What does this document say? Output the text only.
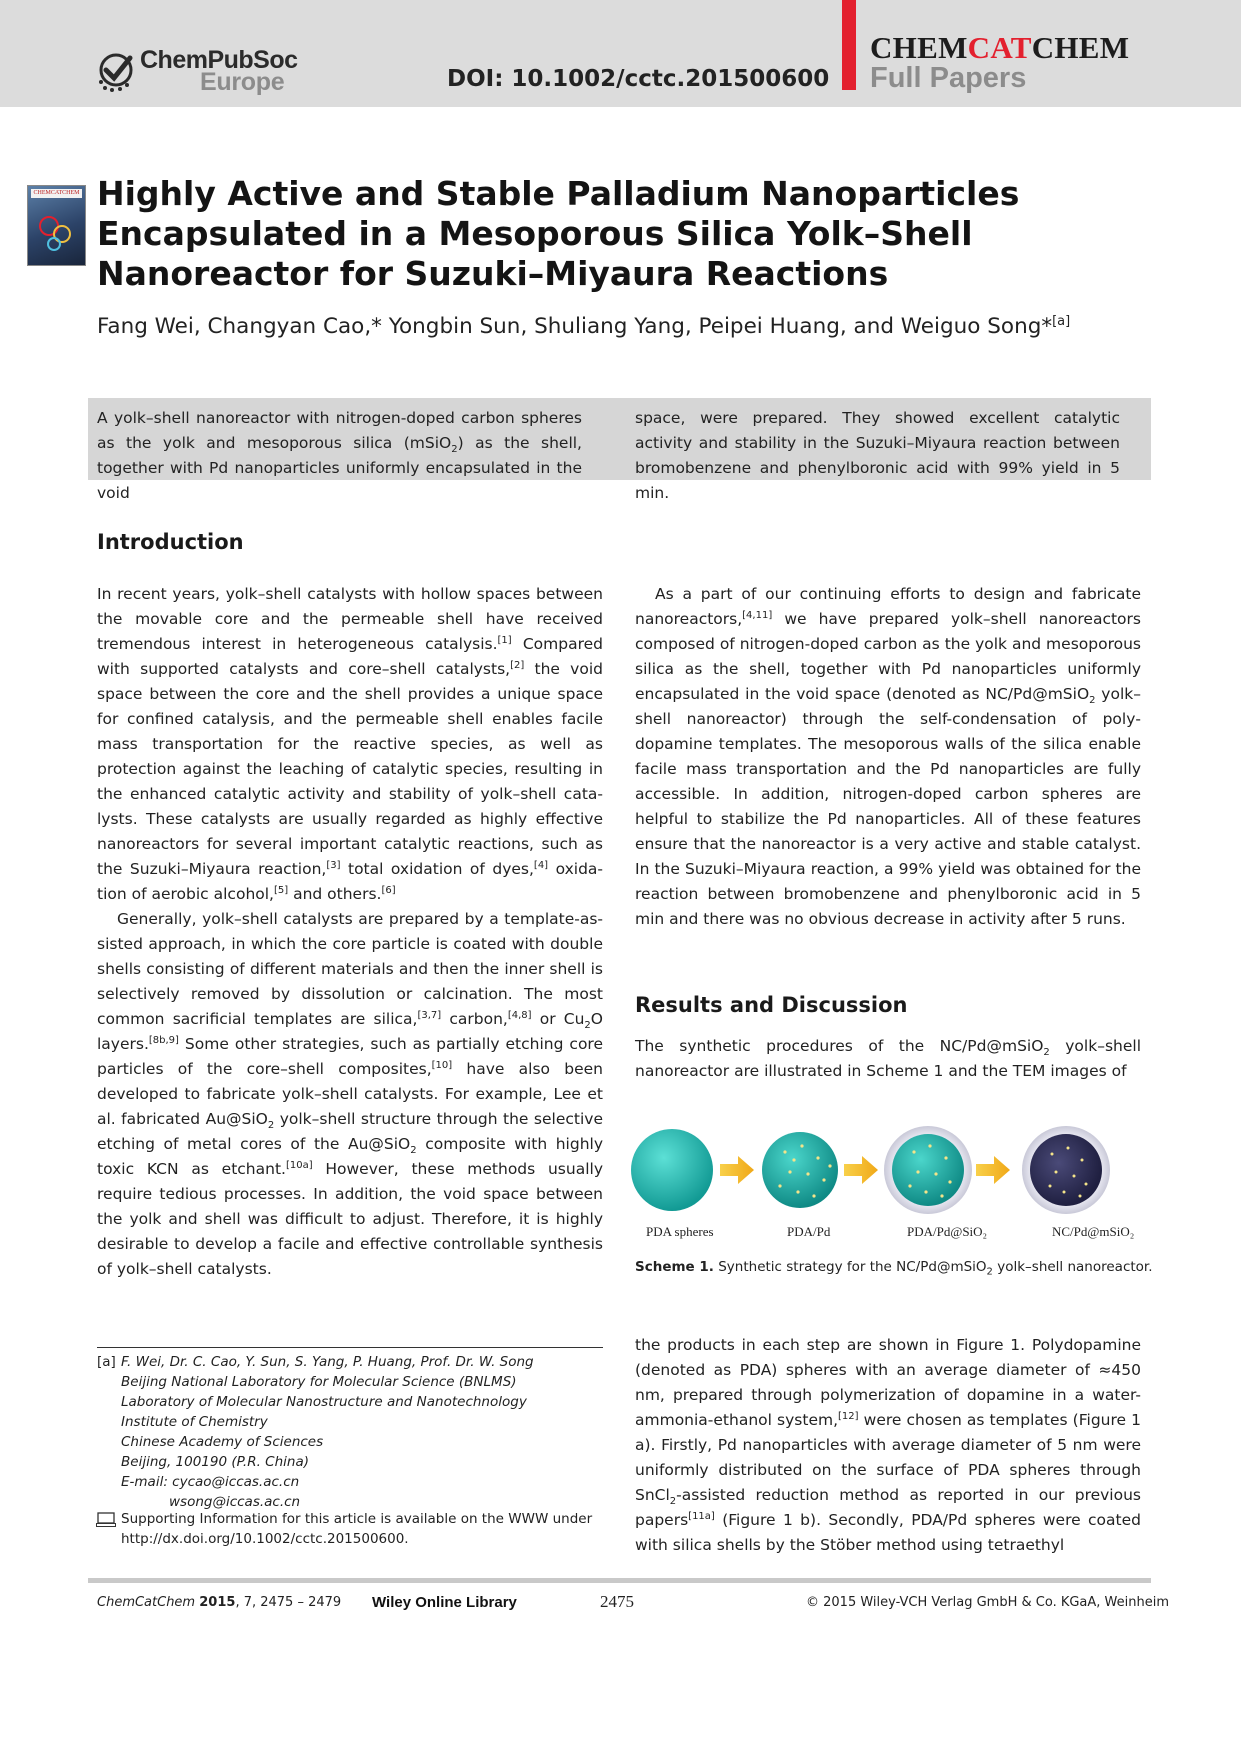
ChemPubSoc
Europe	DOI: 10.1002/cctc.201500600
CHEMCATCHEM
Full Papers
CHEMCATCHEM Highly Active and Stable Palladium Nanoparticles
Encapsulated in a Mesoporous Silica Yolk–Shell
Nanoreactor for Suzuki–Miyaura Reactions
Fang Wei, Changyan Cao,* Yongbin Sun, Shuliang Yang, Peipei Huang, and Weiguo Song*[a]
A yolk–shell nanoreactor with nitrogen-doped carbon spheres as the yolk and mesoporous silica (mSiO$_2$) as the shell, together with Pd nanoparticles uniformly encapsulated in the void
space, were prepared. They showed excellent catalytic activity and stability in the Suzuki–Miyaura reaction between bromobenzene and phenylboronic acid with 99% yield in 5 min.
Introduction

In recent years, yolk–shell catalysts with hollow spaces between the movable core and the permeable shell have received tremendous interest in heterogeneous catalysis.[1] Compared with supported catalysts and core–shell catalysts,[2] the void space between the core and the shell provides a unique space for confined catalysis, and the permeable shell enables facile mass transportation for the reactive species, as well as protection against the leaching of catalytic species, resulting in the enhanced catalytic activity and stability of yolk–shell catalysts. These catalysts are usually regarded as highly effective nanoreactors for several important catalytic reactions, such as the Suzuki–Miyaura reaction,[3] total oxidation of dyes,[4] oxidation of aerobic alcohol,[5] and others.[6]

Generally, yolk–shell catalysts are prepared by a template-assisted approach, in which the core particle is coated with double shells consisting of different materials and then the inner shell is selectively removed by dissolution or calcination. The most common sacrificial templates are silica,[3,7] carbon,[4,8] or $Cu_2O$ layers.[8b,9] Some other strategies, such as partially etching core particles of the core–shell composites,[10] have also been developed to fabricate yolk–shell catalysts. For example, Lee et al. fabricated Au@SiO$_2$ yolk–shell structure through the selective etching of metal cores of the Au@SiO$_2$ composite with highly toxic KCN as etchant.[10a] However, these methods usually require tedious processes. In addition, the void space between the yolk and shell was difficult to adjust. Therefore, it is highly desirable to develop a facile and effective controllable synthesis of yolk–shell catalysts.

As a part of our continuing efforts to design and fabricate nanoreactors,[4,11] we have prepared yolk–shell nanoreactors composed of nitrogen-doped carbon as the yolk and mesoporous silica as the shell, together with Pd nanoparticles uniformly encapsulated in the void space (denoted as NC/Pd@mSiO$_2$ yolk–shell nanoreactor) through the self-condensation of polydopamine templates. The mesoporous walls of the silica enable facile mass transportation and the Pd nanoparticles are fully accessible. In addition, nitrogen-doped carbon spheres are helpful to stabilize the Pd nanoparticles. All of these features ensure that the nanoreactor is a very active and stable catalyst. In the Suzuki–Miyaura reaction, a 99% yield was obtained for the reaction between bromobenzene and phenylboronic acid in 5 min and there was no obvious decrease in activity after 5 runs.

Results and Discussion

The synthetic procedures of the NC/Pd@mSiO$_2$ yolk–shell nanoreactor are illustrated in Scheme 1 and the TEM images of

PDA spheres	PDA/Pd	PDA/Pd@SiO₂	NC/Pd@mSiO₂
Scheme 1. Synthetic strategy for the NC/Pd@mSiO$_2$ yolk–shell nanoreactor.

the products in each step are shown in Figure 1. Polydopamine (denoted as PDA) spheres with an average diameter of ≈450 nm, prepared through polymerization of dopamine in a water-ammonia-ethanol system,[12] were chosen as templates (Figure 1 a). Firstly, Pd nanoparticles with average diameter of 5 nm were uniformly distributed on the surface of PDA spheres through SnCl$_2$-assisted reduction method as reported in our previous papers[11a] (Figure 1 b). Secondly, PDA/Pd spheres were coated with silica shells by the Stöber method using tetraethyl

[a] F. Wei, Dr. C. Cao, Y. Sun, S. Yang, P. Huang, Prof. Dr. W. Song
Beijing National Laboratory for Molecular Science (BNLMS)
Laboratory of Molecular Nanostructure and Nanotechnology
Institute of Chemistry
Chinese Academy of Sciences
Beijing, 100190 (P.R. China)
E-mail: cycao@iccas.ac.cn
wsong@iccas.ac.cn
Supporting Information for this article is available on the WWW under http://dx.doi.org/10.1002/cctc.201500600.
ChemCatChem 2015, 7, 2475 – 2479 Wiley Online Library	2475	© 2015 Wiley-VCH Verlag GmbH & Co. KGaA, Weinheim
